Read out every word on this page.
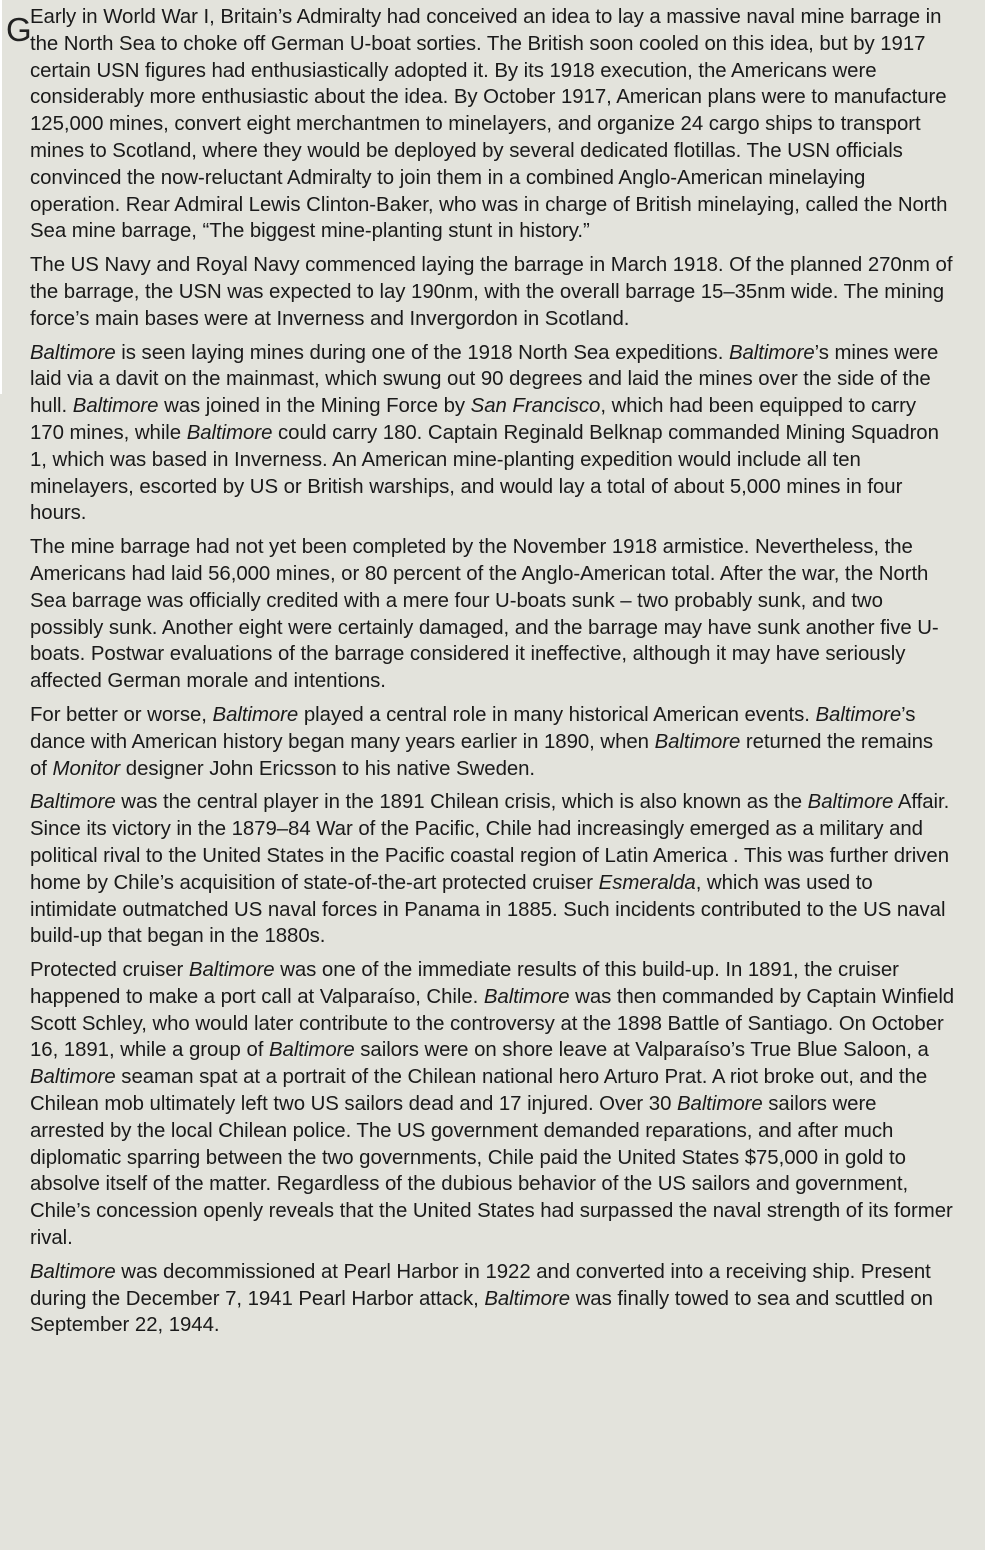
G

Early in World War I, Britain’s Admiralty had conceived an idea to lay a massive naval mine barrage in the North Sea to choke off German U-boat sorties. The British soon cooled on this idea, but by 1917 certain USN figures had enthusiastically adopted it. By its 1918 execution, the Americans were considerably more enthusiastic about the idea. By October 1917, American plans were to manufacture 125,000 mines, convert eight merchantmen to minelayers, and organize 24 cargo ships to transport mines to Scotland, where they would be deployed by several dedicated flotillas. The USN officials convinced the now-reluctant Admiralty to join them in a combined Anglo-American minelaying operation. Rear Admiral Lewis Clinton-Baker, who was in charge of British minelaying, called the North Sea mine barrage, “The biggest mine-planting stunt in history.”

The US Navy and Royal Navy commenced laying the barrage in March 1918. Of the planned 270nm of the barrage, the USN was expected to lay 190nm, with the overall barrage 15–35nm wide. The mining force’s main bases were at Inverness and Invergordon in Scotland.

Baltimore is seen laying mines during one of the 1918 North Sea expeditions. Baltimore’s mines were laid via a davit on the mainmast, which swung out 90 degrees and laid the mines over the side of the hull. Baltimore was joined in the Mining Force by San Francisco, which had been equipped to carry 170 mines, while Baltimore could carry 180. Captain Reginald Belknap commanded Mining Squadron 1, which was based in Inverness. An American mine-planting expedition would include all ten minelayers, escorted by US or British warships, and would lay a total of about 5,000 mines in four hours.

The mine barrage had not yet been completed by the November 1918 armistice. Nevertheless, the Americans had laid 56,000 mines, or 80 percent of the Anglo-American total. After the war, the North Sea barrage was officially credited with a mere four U-boats sunk – two probably sunk, and two possibly sunk. Another eight were certainly damaged, and the barrage may have sunk another five U-boats. Postwar evaluations of the barrage considered it ineffective, although it may have seriously affected German morale and intentions.

For better or worse, Baltimore played a central role in many historical American events. Baltimore’s dance with American history began many years earlier in 1890, when Baltimore returned the remains of Monitor designer John Ericsson to his native Sweden.

Baltimore was the central player in the 1891 Chilean crisis, which is also known as the Baltimore Affair. Since its victory in the 1879–84 War of the Pacific, Chile had increasingly emerged as a military and political rival to the United States in the Pacific coastal region of Latin America . This was further driven home by Chile’s acquisition of state-of-the-art protected cruiser Esmeralda, which was used to intimidate outmatched US naval forces in Panama in 1885. Such incidents contributed to the US naval build-up that began in the 1880s.

Protected cruiser Baltimore was one of the immediate results of this build-up. In 1891, the cruiser happened to make a port call at Valparaíso, Chile. Baltimore was then commanded by Captain Winfield Scott Schley, who would later contribute to the controversy at the 1898 Battle of Santiago. On October 16, 1891, while a group of Baltimore sailors were on shore leave at Valparaíso’s True Blue Saloon, a Baltimore seaman spat at a portrait of the Chilean national hero Arturo Prat. A riot broke out, and the Chilean mob ultimately left two US sailors dead and 17 injured. Over 30 Baltimore sailors were arrested by the local Chilean police. The US government demanded reparations, and after much diplomatic sparring between the two governments, Chile paid the United States $75,000 in gold to absolve itself of the matter. Regardless of the dubious behavior of the US sailors and government, Chile’s concession openly reveals that the United States had surpassed the naval strength of its former rival.

Baltimore was decommissioned at Pearl Harbor in 1922 and converted into a receiving ship. Present during the December 7, 1941 Pearl Harbor attack, Baltimore was finally towed to sea and scuttled on September 22, 1944.
